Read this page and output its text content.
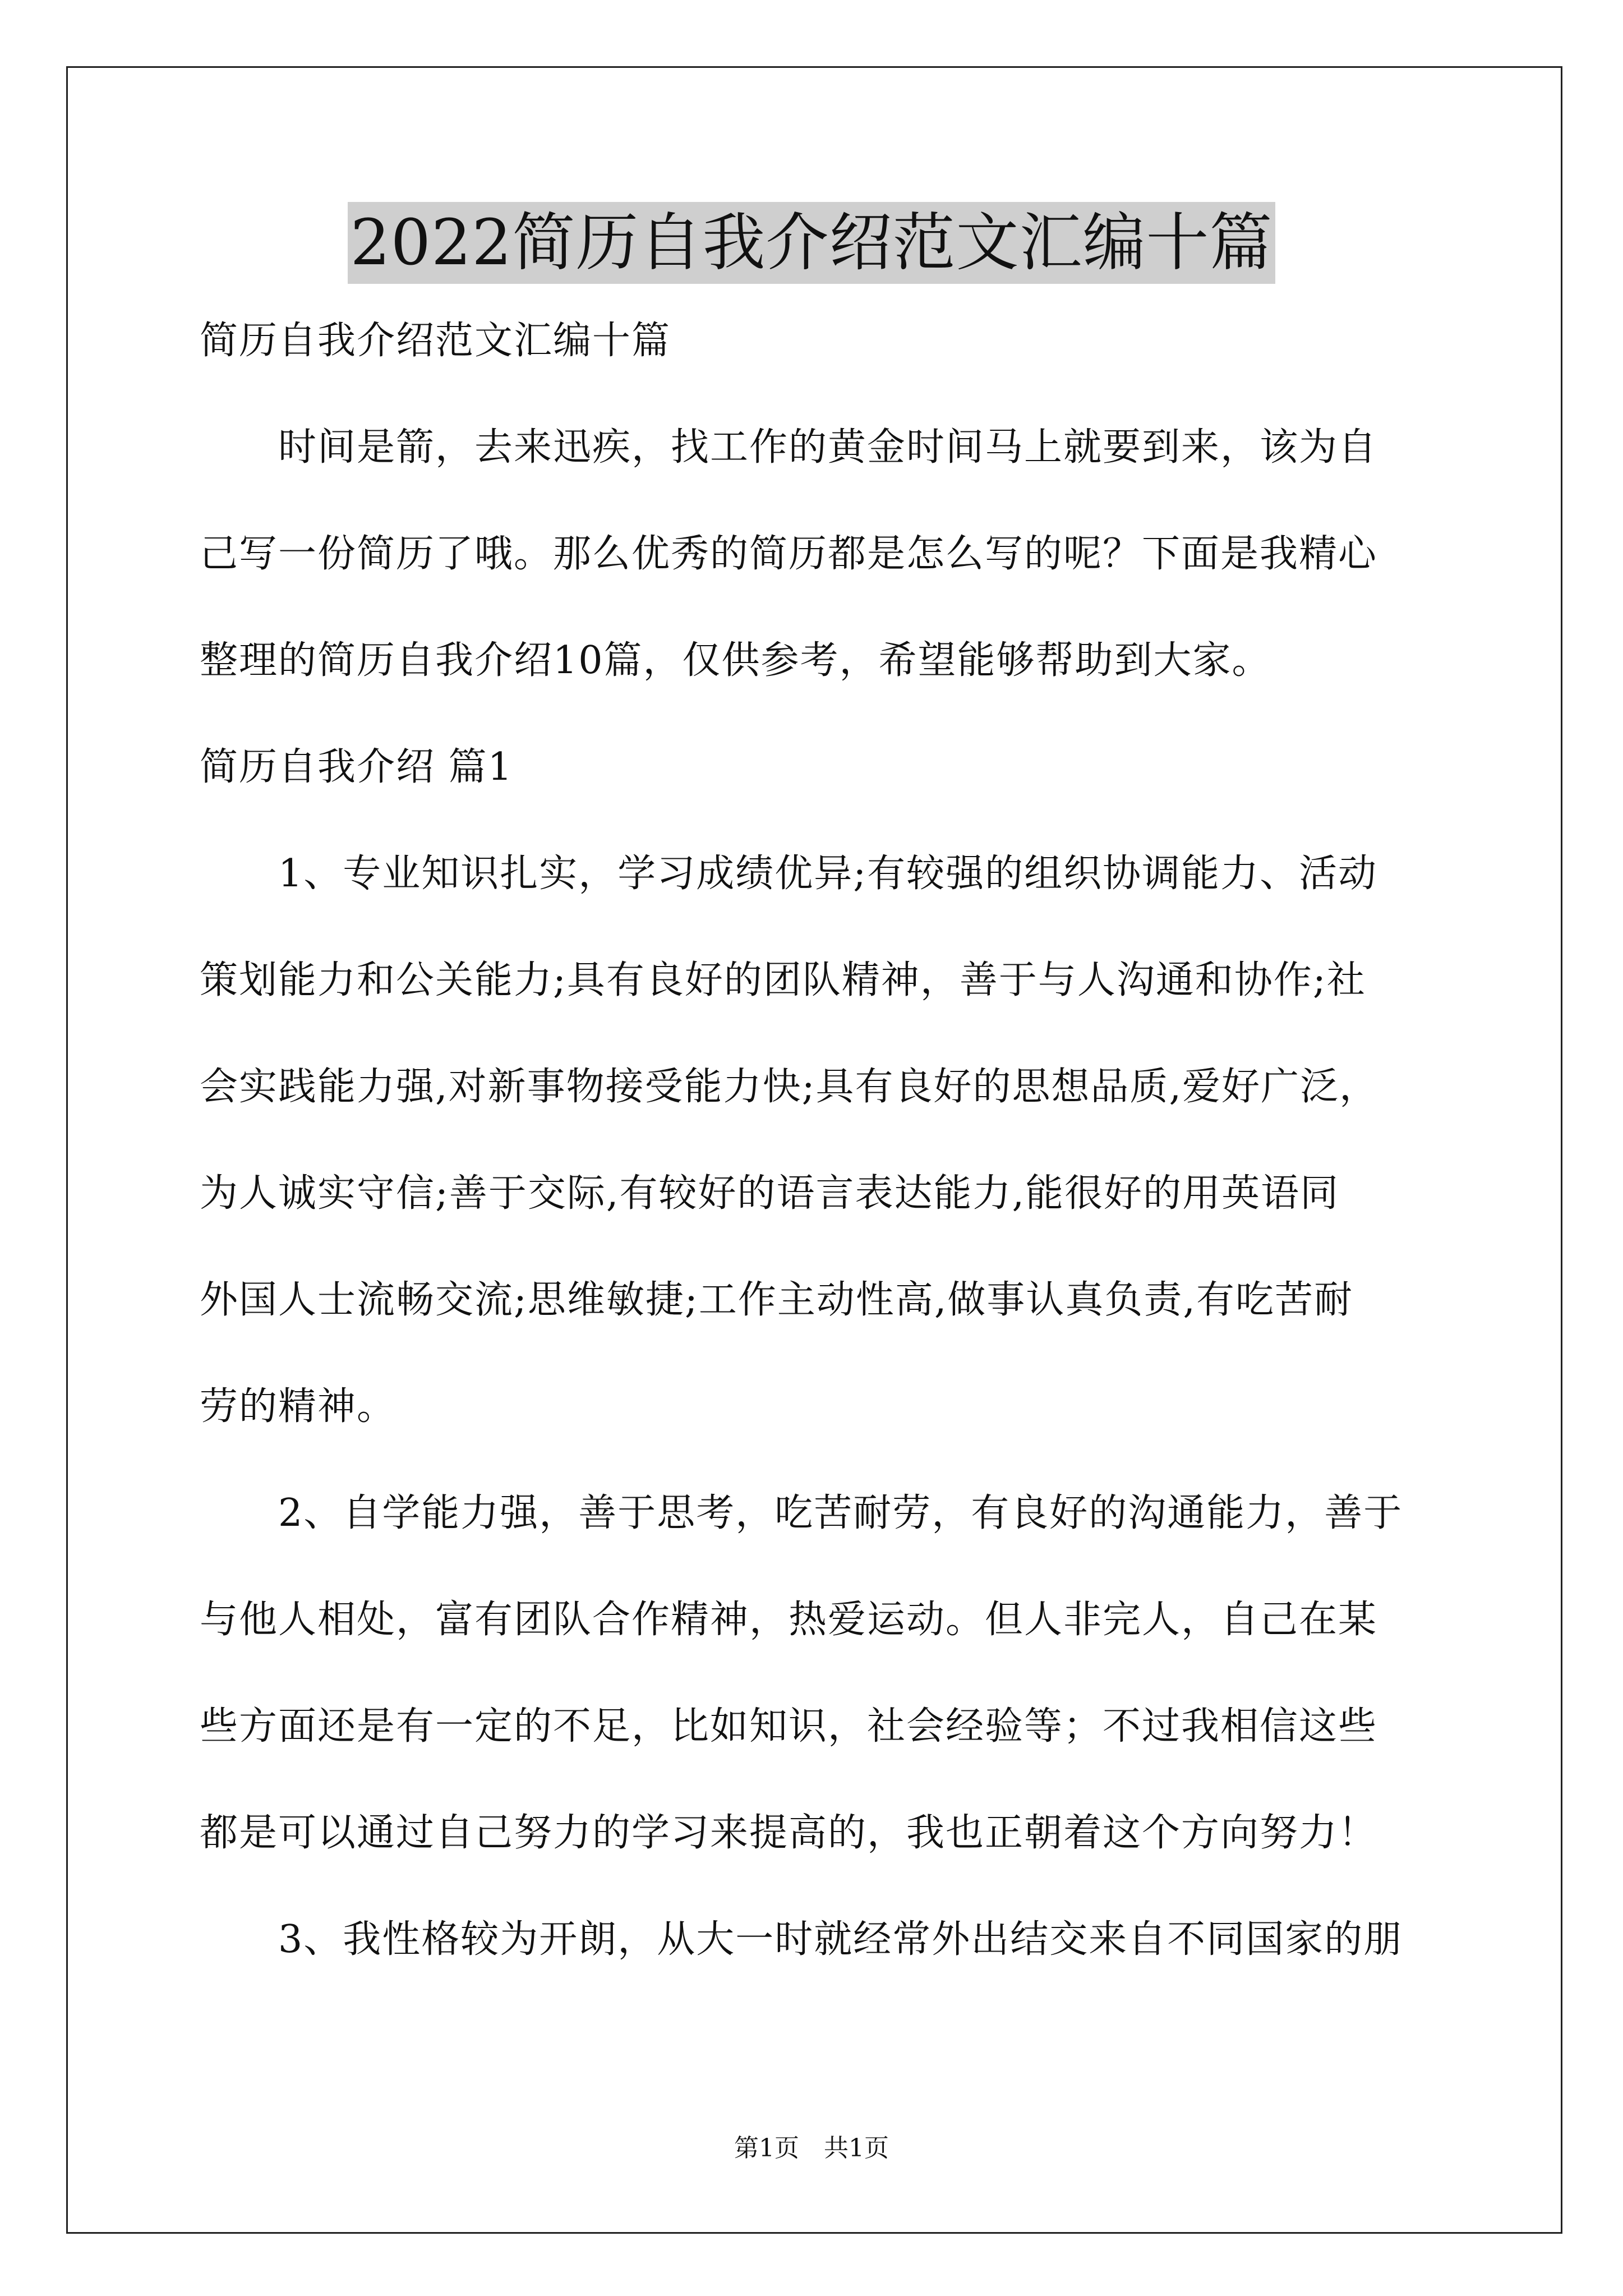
2022简历自我介绍范文汇编十篇
简历自我介绍范文汇编十篇
时间是箭，去来迅疾，找工作的黄金时间马上就要到来，该为自
己写一份简历了哦。那么优秀的简历都是怎么写的呢？下面是我精心
整理的简历自我介绍10篇，仅供参考，希望能够帮助到大家。
简历自我介绍 篇1
1、专业知识扎实，学习成绩优异;有较强的组织协调能力、活动
策划能力和公关能力;具有良好的团队精神，善于与人沟通和协作;社
会实践能力强,对新事物接受能力快;具有良好的思想品质,爱好广泛，
为人诚实守信;善于交际,有较好的语言表达能力,能很好的用英语同
外国人士流畅交流;思维敏捷;工作主动性高,做事认真负责,有吃苦耐
劳的精神。
2、自学能力强，善于思考，吃苦耐劳，有良好的沟通能力，善于
与他人相处，富有团队合作精神，热爱运动。但人非完人，自己在某
些方面还是有一定的不足，比如知识，社会经验等；不过我相信这些
都是可以通过自己努力的学习来提高的，我也正朝着这个方向努力！
3、我性格较为开朗，从大一时就经常外出结交来自不同国家的朋
第1页 共1页
